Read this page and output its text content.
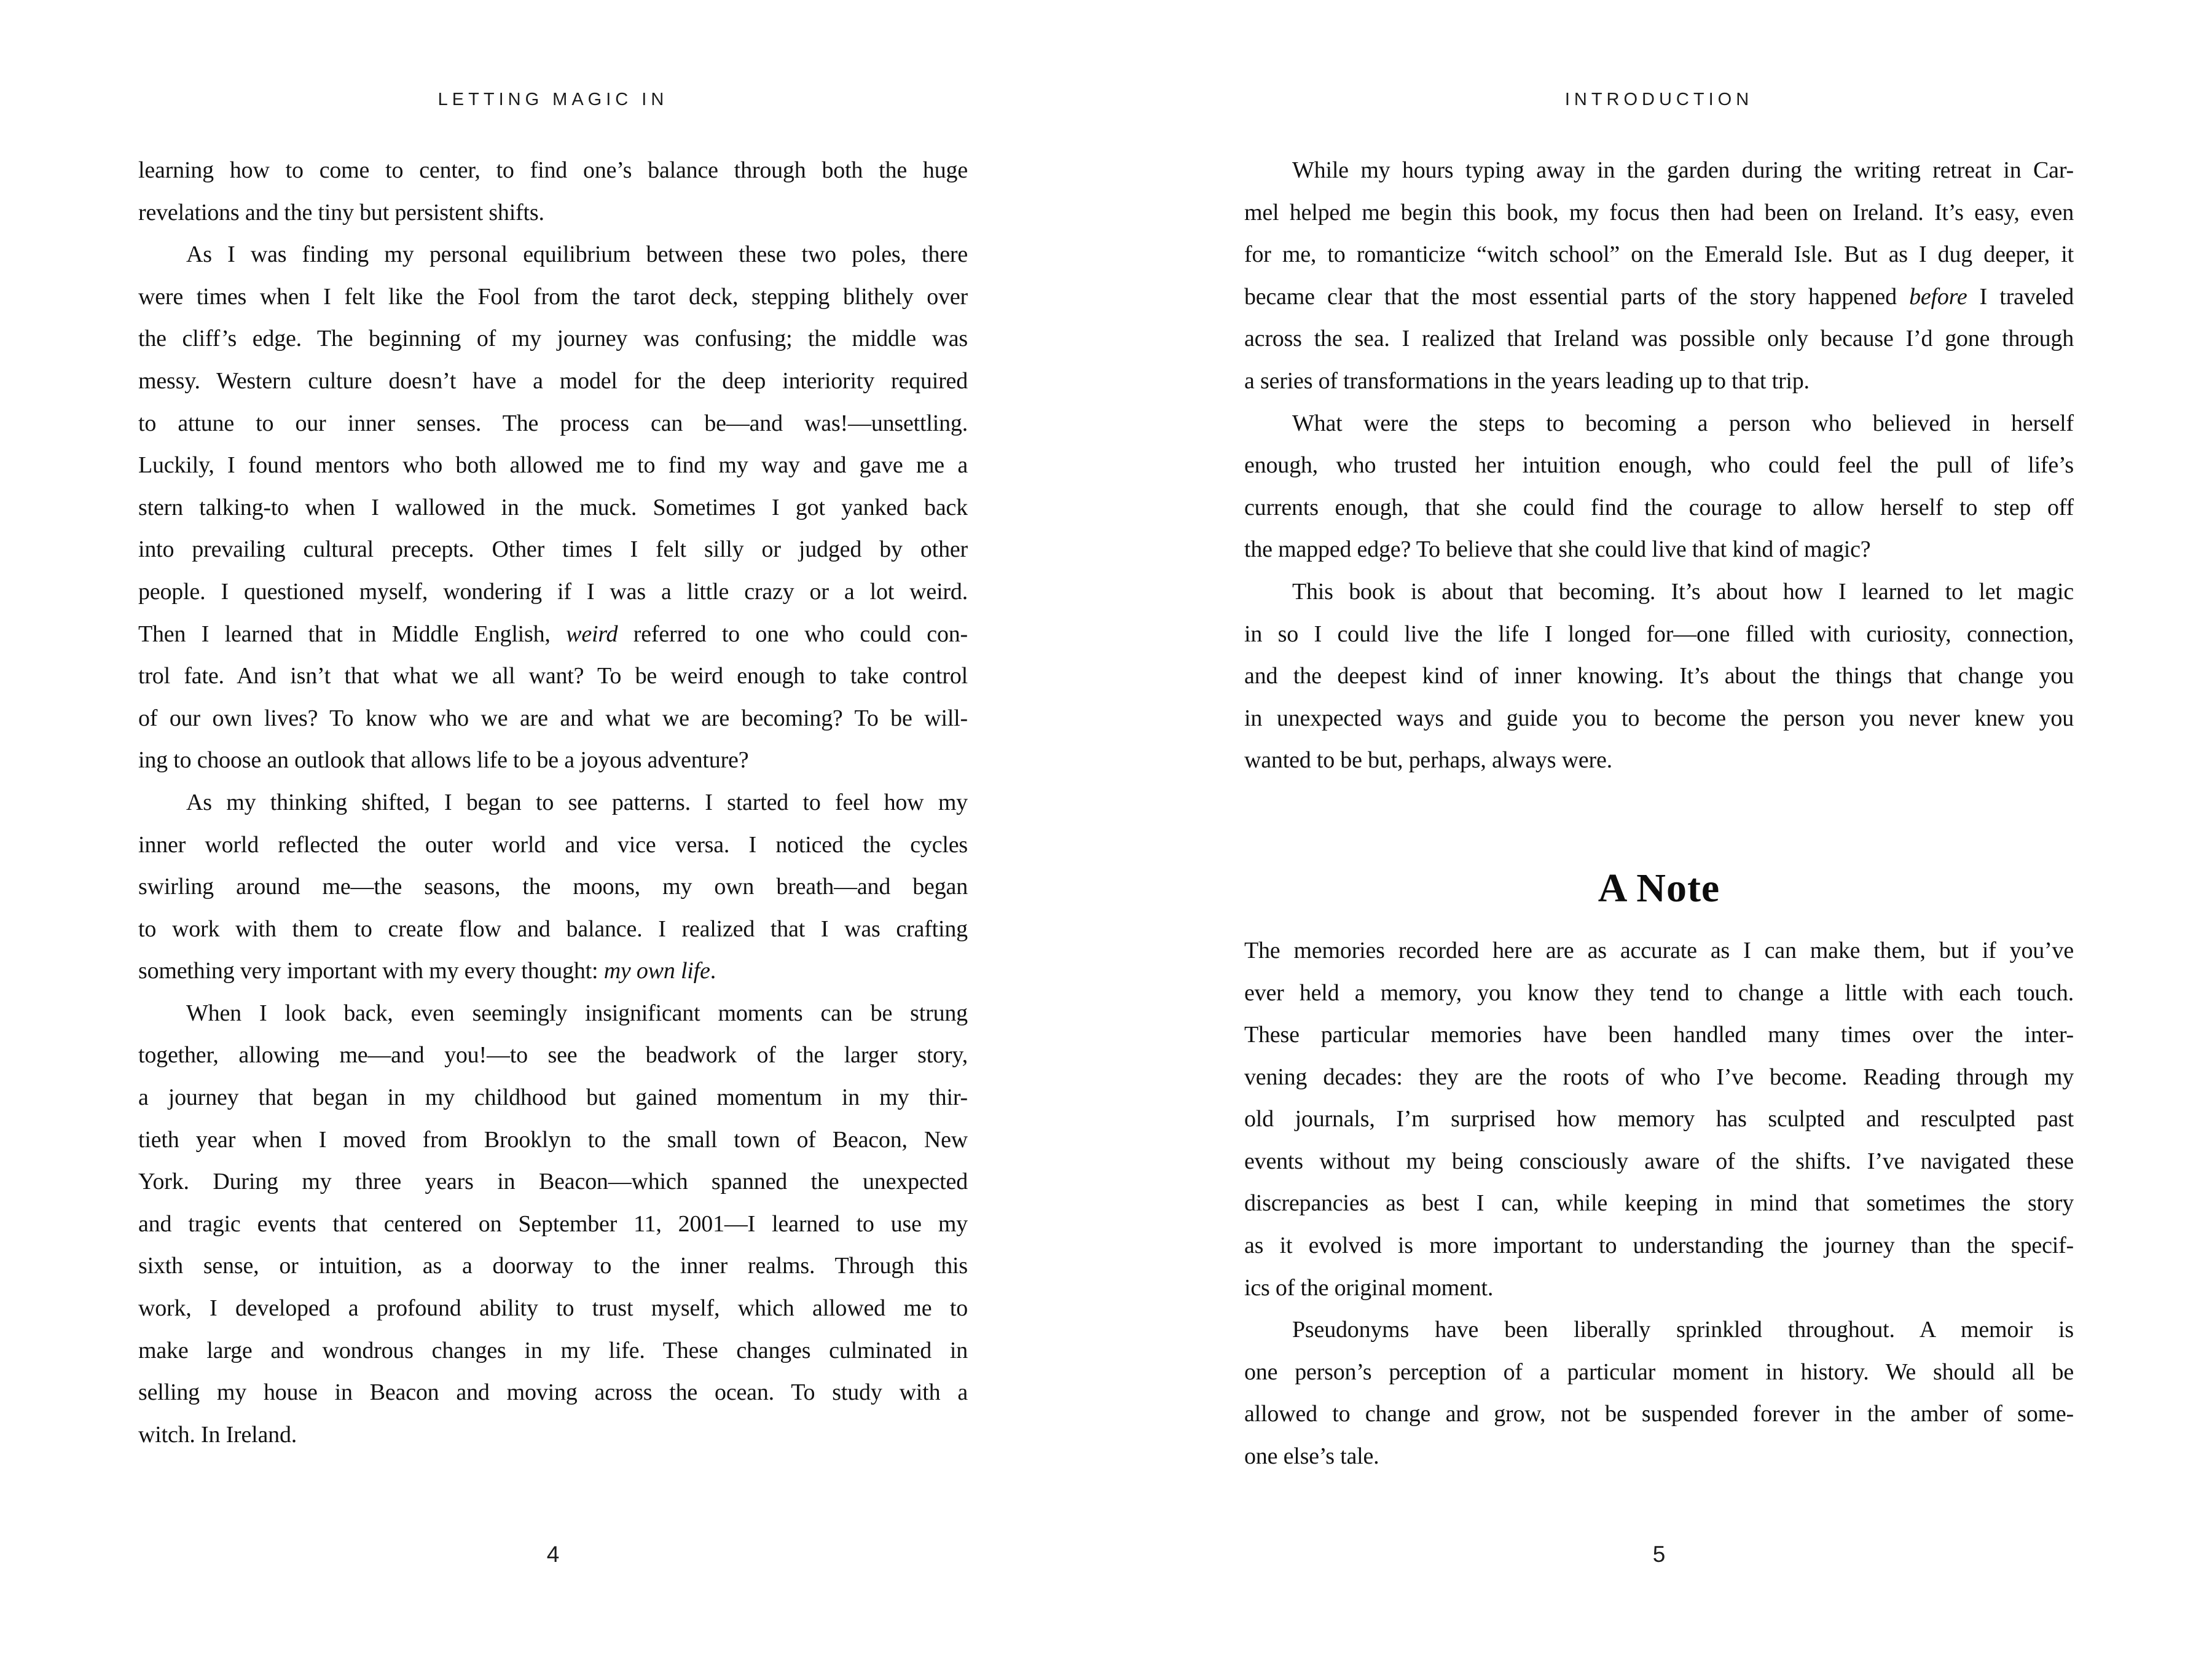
LETTING MAGIC IN
learning how to come to center, to find one’s balance through both the huge
revelations and the tiny but persistent shifts.
As I was finding my personal equilibrium between these two poles, there
were times when I felt like the Fool from the tarot deck, stepping blithely over
the cliff’s edge. The beginning of my journey was confusing; the middle was
messy. Western culture doesn’t have a model for the deep interiority required
to attune to our inner senses. The process can be—and was!—unsettling.
Luckily, I found mentors who both allowed me to find my way and gave me a
stern talking-to when I wallowed in the muck. Sometimes I got yanked back
into prevailing cultural precepts. Other times I felt silly or judged by other
people. I questioned myself, wondering if I was a little crazy or a lot weird.
Then I learned that in Middle English, weird referred to one who could con-
trol fate. And isn’t that what we all want? To be weird enough to take control
of our own lives? To know who we are and what we are becoming? To be will-
ing to choose an outlook that allows life to be a joyous adventure?
As my thinking shifted, I began to see patterns. I started to feel how my
inner world reflected the outer world and vice versa. I noticed the cycles
swirling around me—the seasons, the moons, my own breath—and began
to work with them to create flow and balance. I realized that I was crafting
something very important with my every thought: my own life.
When I look back, even seemingly insignificant moments can be strung
together, allowing me—and you!—to see the beadwork of the larger story,
a journey that began in my childhood but gained momentum in my thir-
tieth year when I moved from Brooklyn to the small town of Beacon, New
York. During my three years in Beacon—which spanned the unexpected
and tragic events that centered on September 11, 2001—I learned to use my
sixth sense, or intuition, as a doorway to the inner realms. Through this
work, I developed a profound ability to trust myself, which allowed me to
make large and wondrous changes in my life. These changes culminated in
selling my house in Beacon and moving across the ocean. To study with a
witch. In Ireland.
4
INTRODUCTION
While my hours typing away in the garden during the writing retreat in Car-
mel helped me begin this book, my focus then had been on Ireland. It’s easy, even
for me, to romanticize “witch school” on the Emerald Isle. But as I dug deeper, it
became clear that the most essential parts of the story happened before I traveled
across the sea. I realized that Ireland was possible only because I’d gone through
a series of transformations in the years leading up to that trip.
What were the steps to becoming a person who believed in herself
enough, who trusted her intuition enough, who could feel the pull of life’s
currents enough, that she could find the courage to allow herself to step off
the mapped edge? To believe that she could live that kind of magic?
This book is about that becoming. It’s about how I learned to let magic
in so I could live the life I longed for—one filled with curiosity, connection,
and the deepest kind of inner knowing. It’s about the things that change you
in unexpected ways and guide you to become the person you never knew you
wanted to be but, perhaps, always were.
A Note
The memories recorded here are as accurate as I can make them, but if you’ve
ever held a memory, you know they tend to change a little with each touch.
These particular memories have been handled many times over the inter-
vening decades: they are the roots of who I’ve become. Reading through my
old journals, I’m surprised how memory has sculpted and resculpted past
events without my being consciously aware of the shifts. I’ve navigated these
discrepancies as best I can, while keeping in mind that sometimes the story
as it evolved is more important to understanding the journey than the specif-
ics of the original moment.
Pseudonyms have been liberally sprinkled throughout. A memoir is
one person’s perception of a particular moment in history. We should all be
allowed to change and grow, not be suspended forever in the amber of some-
one else’s tale.
5
